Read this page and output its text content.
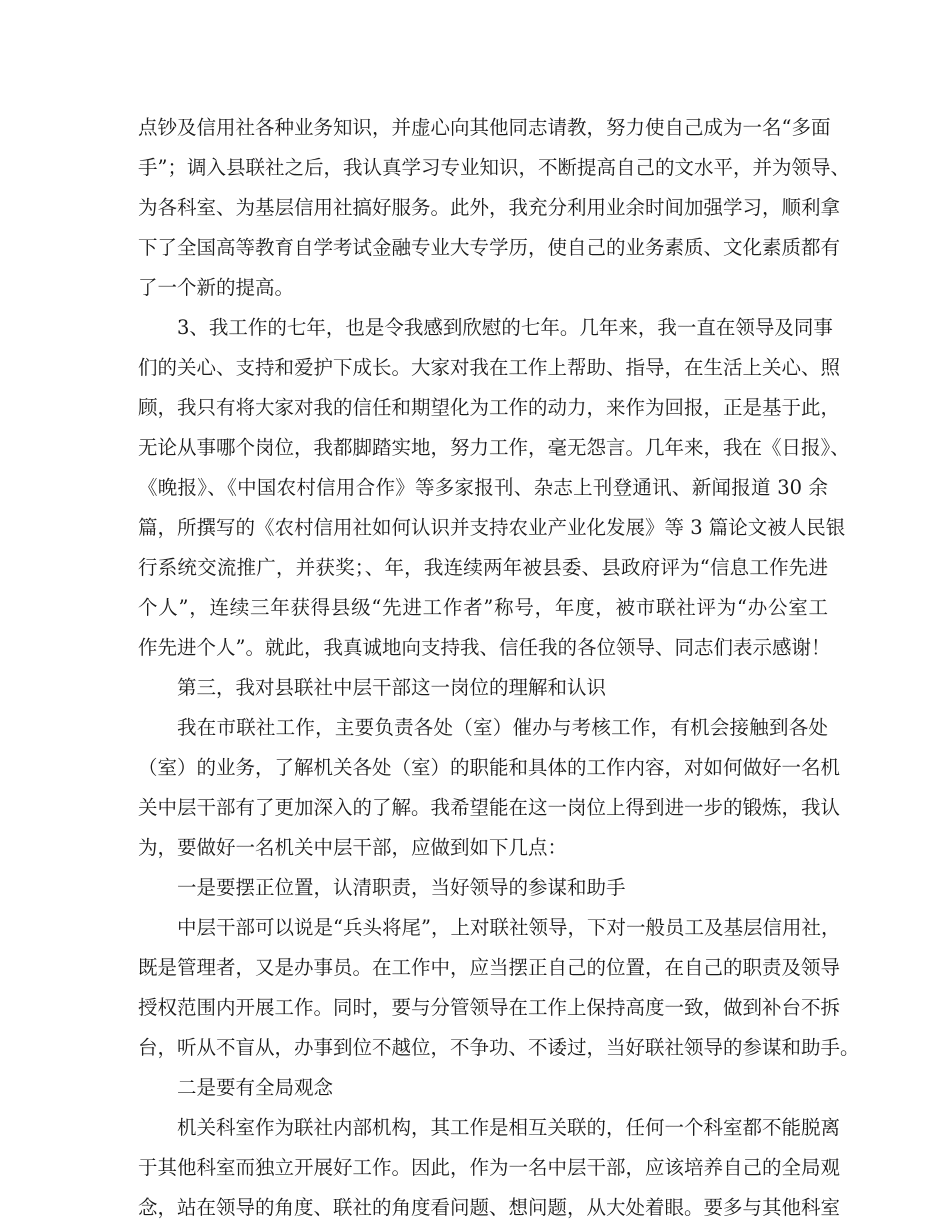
点钞及信用社各种业务知识，并虚心向其他同志请教，努力使自己成为一名“多面
手”；调入县联社之后，我认真学习专业知识，不断提高自己的文水平，并为领导、
为各科室、为基层信用社搞好服务。此外，我充分利用业余时间加强学习，顺利拿
下了全国高等教育自学考试金融专业大专学历，使自己的业务素质、文化素质都有
了一个新的提高。
3、我工作的七年，也是令我感到欣慰的七年。几年来，我一直在领导及同事
们的关心、支持和爱护下成长。大家对我在工作上帮助、指导，在生活上关心、照
顾，我只有将大家对我的信任和期望化为工作的动力，来作为回报，正是基于此，
无论从事哪个岗位，我都脚踏实地，努力工作，毫无怨言。几年来，我在《日报》、
《晚报》、《中国农村信用合作》等多家报刊、杂志上刊登通讯、新闻报道 30 余
篇，所撰写的《农村信用社如何认识并支持农业产业化发展》等 3 篇论文被人民银
行系统交流推广，并获奖；、年，我连续两年被县委、县政府评为“信息工作先进
个人”，连续三年获得县级“先进工作者”称号，年度，被市联社评为“办公室工
作先进个人”。就此，我真诚地向支持我、信任我的各位领导、同志们表示感谢！
第三，我对县联社中层干部这一岗位的理解和认识
我在市联社工作，主要负责各处（室）催办与考核工作，有机会接触到各处
（室）的业务，了解机关各处（室）的职能和具体的工作内容，对如何做好一名机
关中层干部有了更加深入的了解。我希望能在这一岗位上得到进一步的锻炼，我认
为，要做好一名机关中层干部，应做到如下几点：
一是要摆正位置，认清职责，当好领导的参谋和助手
中层干部可以说是“兵头将尾”，上对联社领导，下对一般员工及基层信用社，
既是管理者，又是办事员。在工作中，应当摆正自己的位置，在自己的职责及领导
授权范围内开展工作。同时，要与分管领导在工作上保持高度一致，做到补台不拆
台，听从不盲从，办事到位不越位，不争功、不诿过，当好联社领导的参谋和助手。
二是要有全局观念
机关科室作为联社内部机构，其工作是相互关联的，任何一个科室都不能脱离
于其他科室而独立开展好工作。因此，作为一名中层干部，应该培养自己的全局观
念，站在领导的角度、联社的角度看问题、想问题，从大处着眼。要多与其他科室
